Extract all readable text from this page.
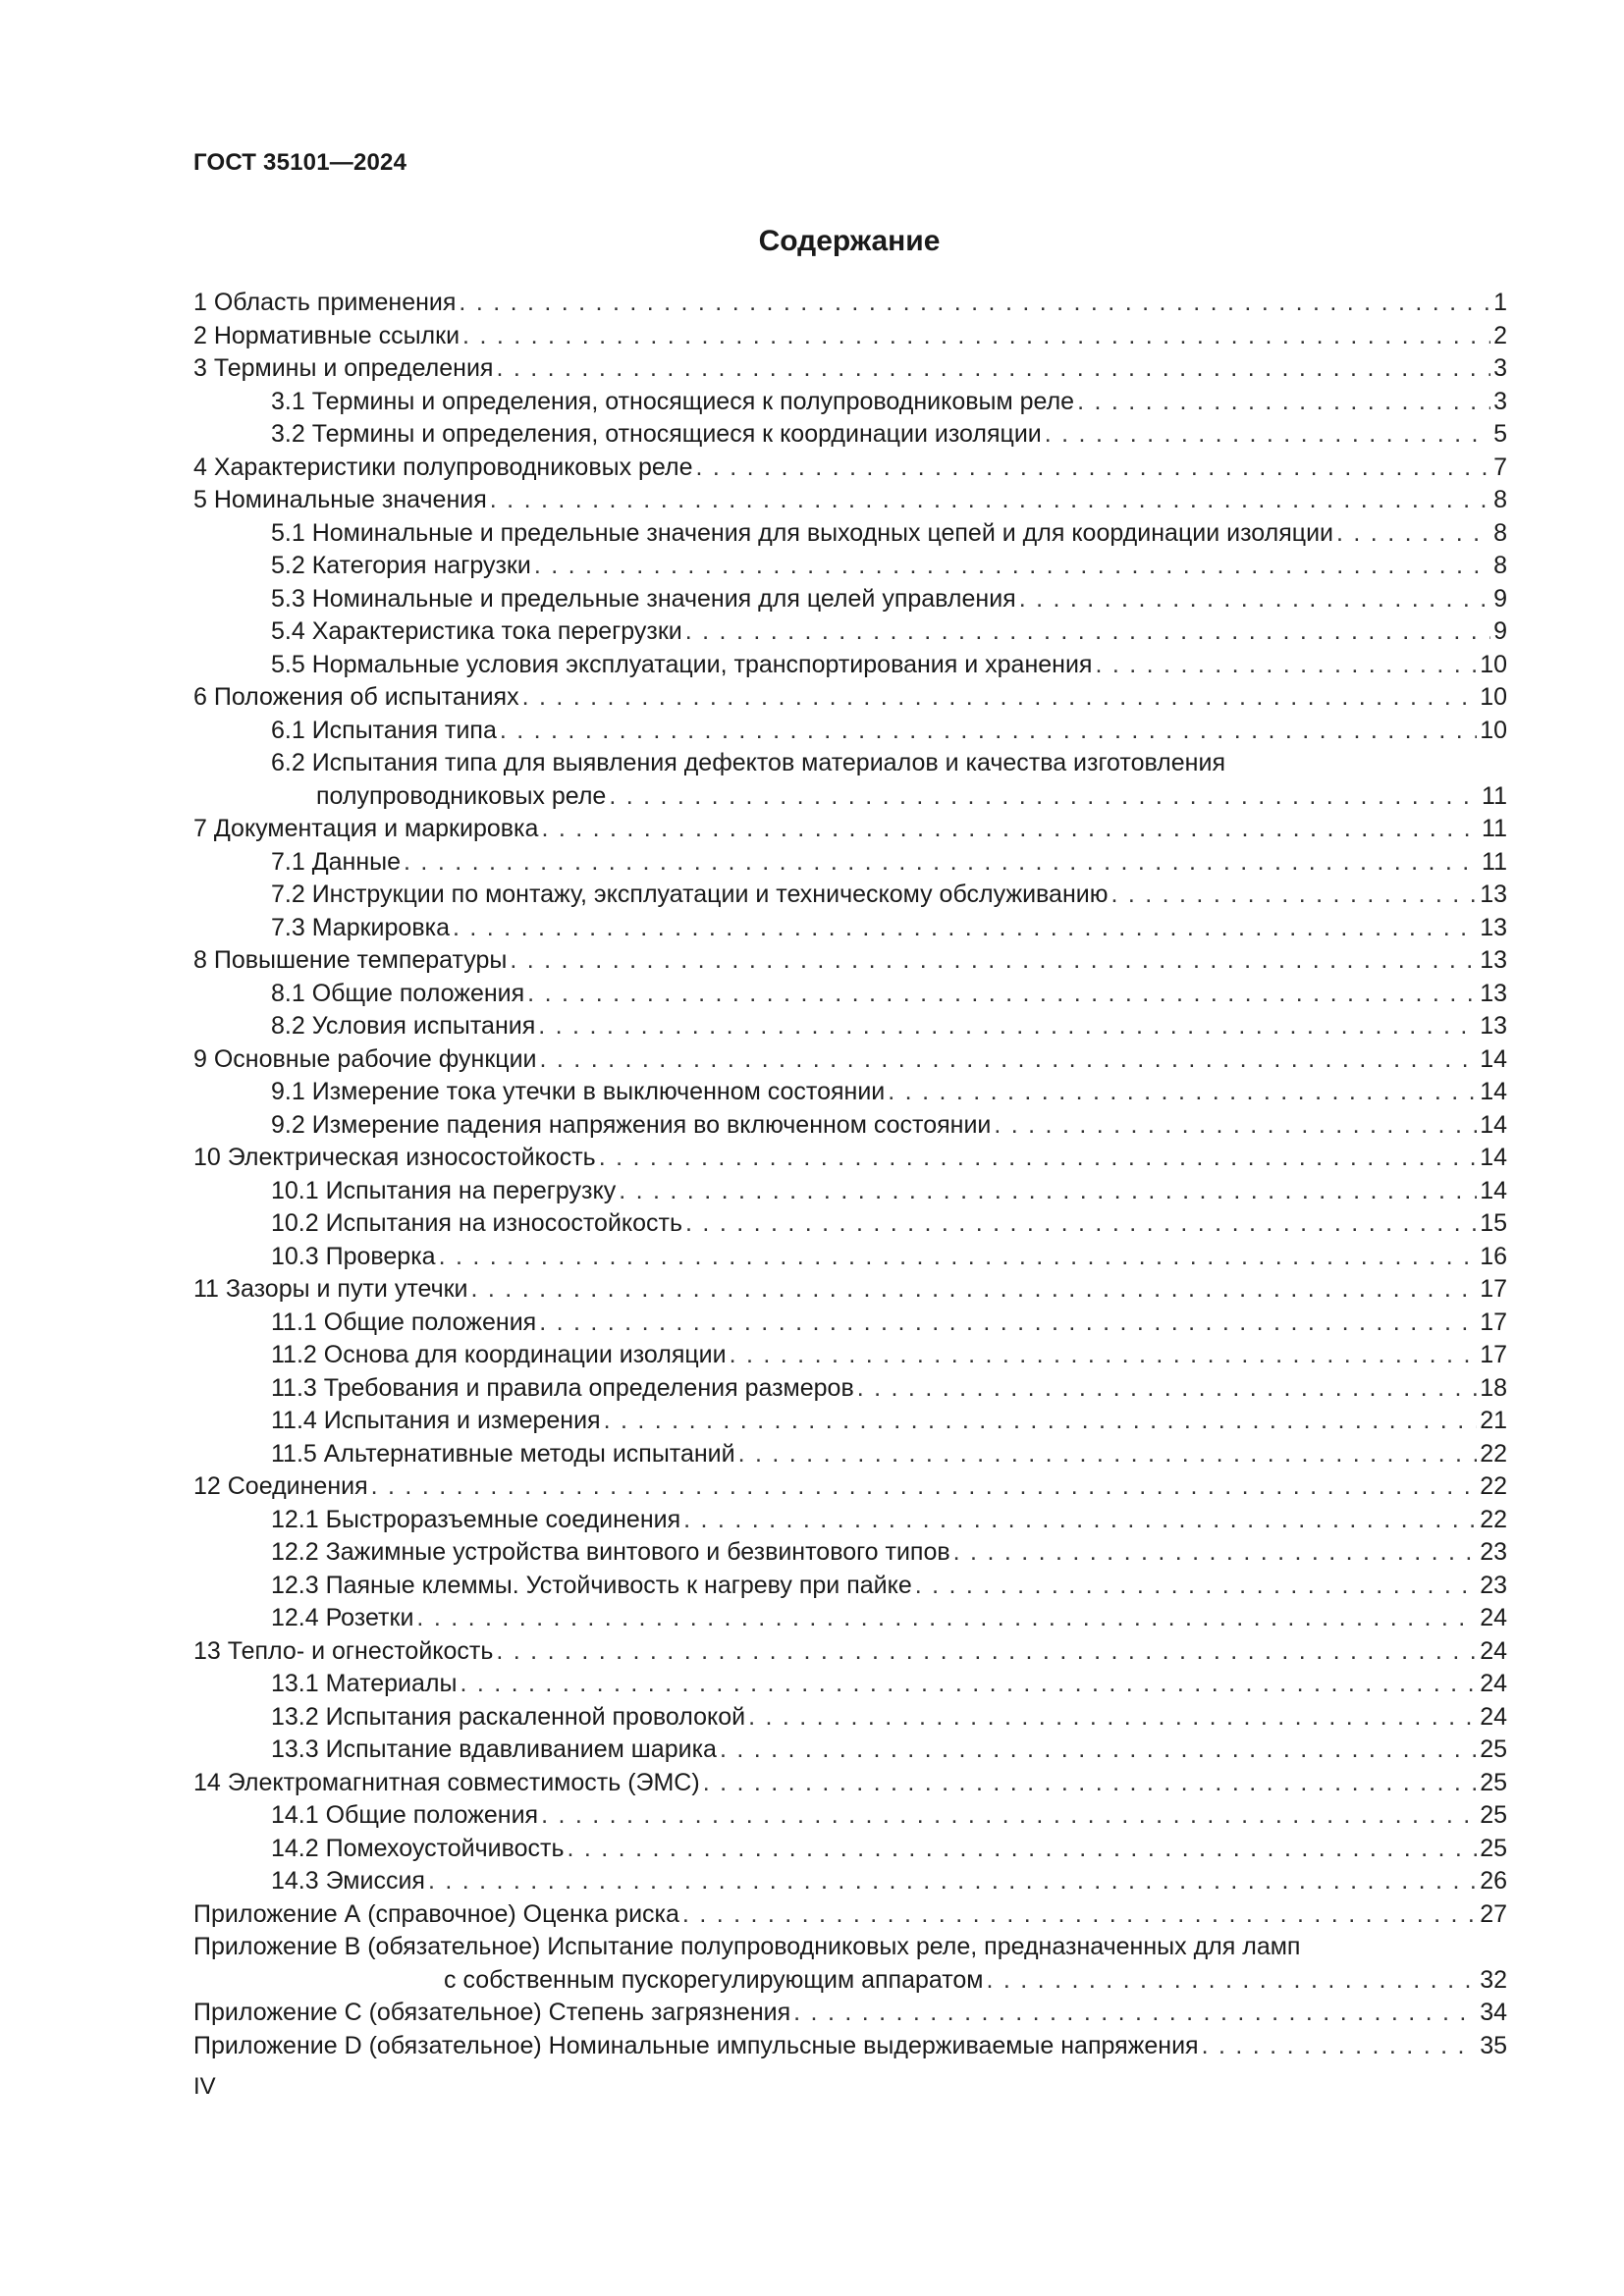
ГОСТ 35101—2024
Содержание
1 Область применения . . .	1
2 Нормативные ссылки . . .	2
3 Термины и определения . . .	3
3.1 Термины и определения, относящиеся к полупроводниковым реле . . .	3
3.2 Термины и определения, относящиеся к координации изоляции . . .	5
4 Характеристики полупроводниковых реле . . .	7
5 Номинальные значения . . .	8
5.1 Номинальные и предельные значения для выходных цепей и для координации изоляции . . .	8
5.2 Категория нагрузки . . .	8
5.3 Номинальные и предельные значения для целей управления . . .	9
5.4 Характеристика тока перегрузки . . .	9
5.5 Нормальные условия эксплуатации, транспортирования и хранения . . .	10
6 Положения об испытаниях . . .	10
6.1 Испытания типа . . .	10
6.2 Испытания типа для выявления дефектов материалов и качества изготовления
полупроводниковых реле . . .	11
7 Документация и маркировка . . .	11
7.1 Данные . . .	11
7.2 Инструкции по монтажу, эксплуатации и техническому обслуживанию . . .	13
7.3 Маркировка . . .	13
8 Повышение температуры . . .	13
8.1 Общие положения . . .	13
8.2 Условия испытания . . .	13
9 Основные рабочие функции . . .	14
9.1 Измерение тока утечки в выключенном состоянии . . .	14
9.2 Измерение падения напряжения во включенном состоянии . . .	14
10 Электрическая износостойкость . . .	14
10.1 Испытания на перегрузку . . .	14
10.2 Испытания на износостойкость . . .	15
10.3 Проверка . . .	16
11 Зазоры и пути утечки . . .	17
11.1 Общие положения . . .	17
11.2 Основа для координации изоляции . . .	17
11.3 Требования и правила определения размеров . . .	18
11.4 Испытания и измерения . . .	21
11.5 Альтернативные методы испытаний . . .	22
12 Соединения . . .	22
12.1 Быстроразъемные соединения . . .	22
12.2 Зажимные устройства винтового и безвинтового типов . . .	23
12.3 Паяные клеммы. Устойчивость к нагреву при пайке . . .	23
12.4 Розетки . . .	24
13 Тепло- и огнестойкость . . .	24
13.1 Материалы . . .	24
13.2 Испытания раскаленной проволокой . . .	24
13.3 Испытание вдавливанием шарика . . .	25
14 Электромагнитная совместимость (ЭМС) . . .	25
14.1 Общие положения . . .	25
14.2 Помехоустойчивость . . .	25
14.3 Эмиссия . . .	26
Приложение А (справочное) Оценка риска . . .	27
Приложение В (обязательное) Испытание полупроводниковых реле, предназначенных для ламп
с собственным пускорегулирующим аппаратом . . .	32
Приложение С (обязательное) Степень загрязнения . . .	34
Приложение D (обязательное) Номинальные импульсные выдерживаемые напряжения . . .	35
IV
